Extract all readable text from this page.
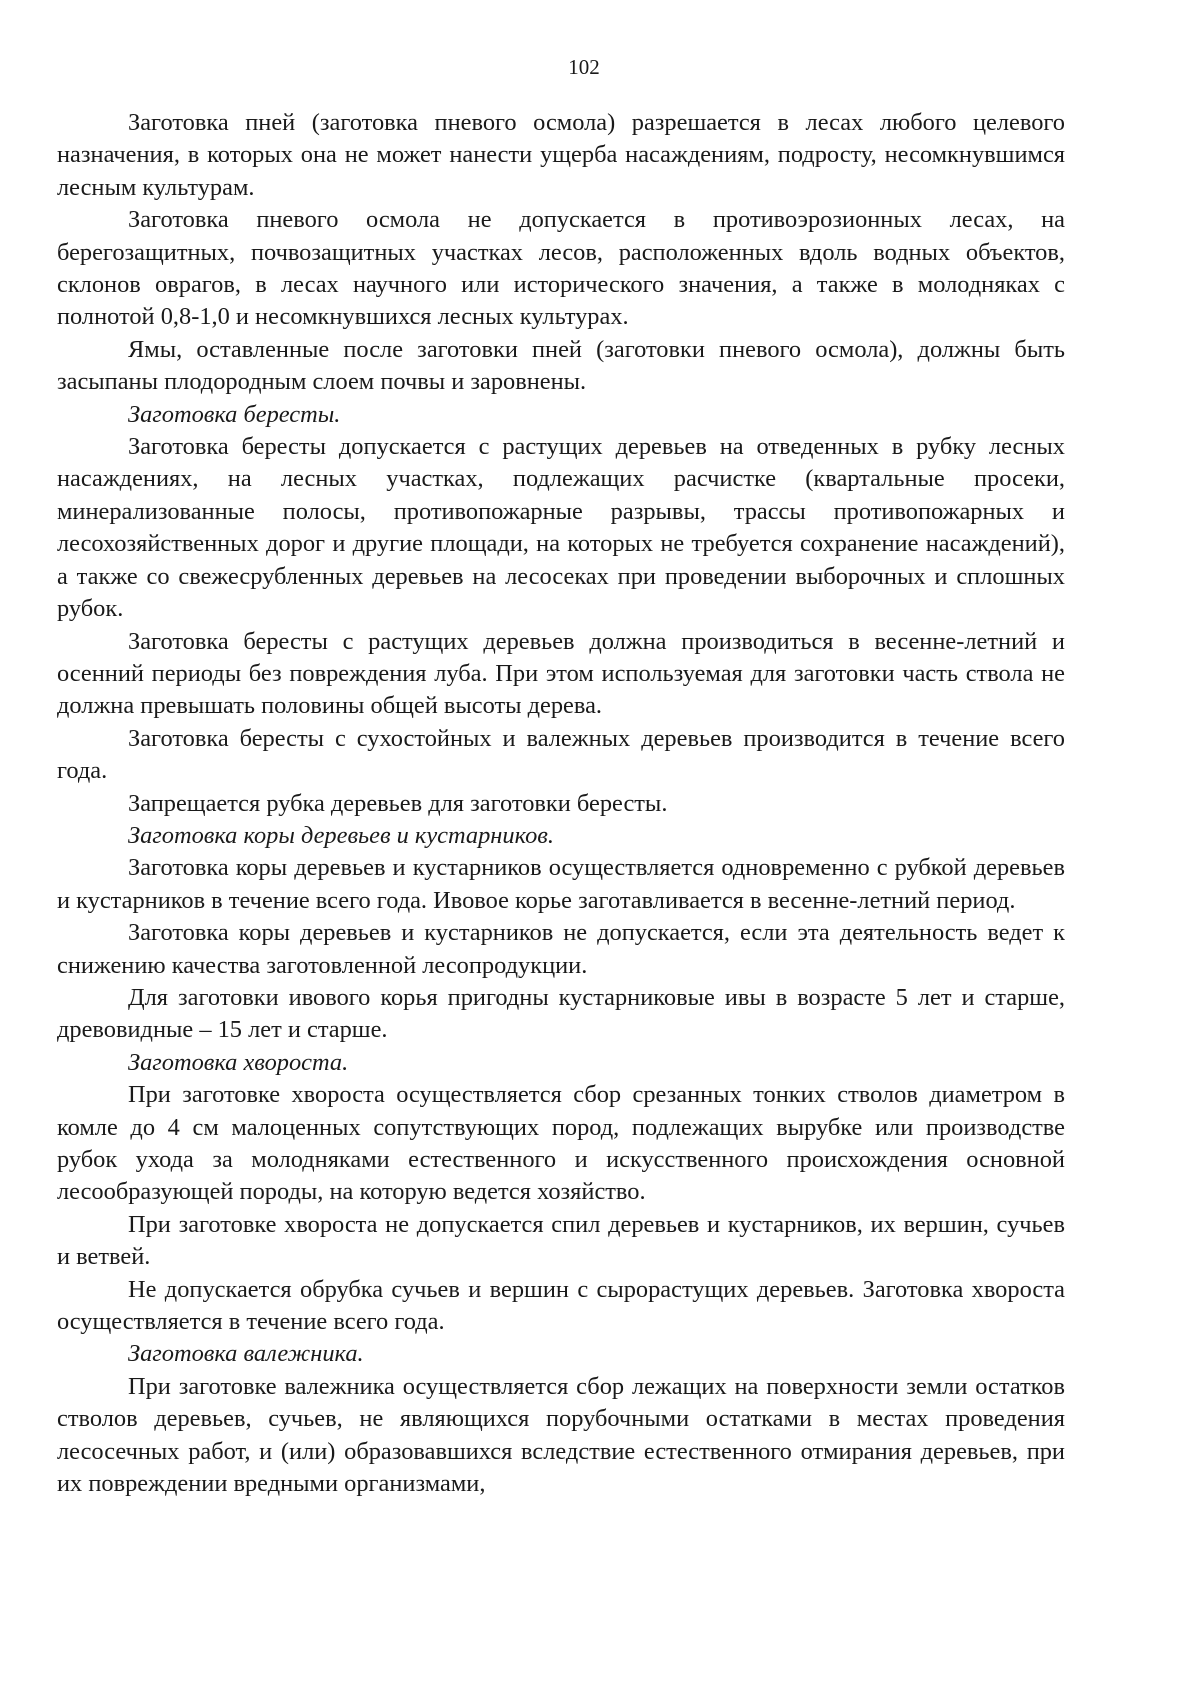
102

Заготовка пней (заготовка пневого осмола) разрешается в лесах любого целевого назначения, в которых она не может нанести ущерба насаждениям, подросту, несомкнувшимся лесным культурам.

Заготовка пневого осмола не допускается в противоэрозионных лесах, на берегозащитных, почвозащитных участках лесов, расположенных вдоль водных объектов, склонов оврагов, в лесах научного или исторического значения, а также в молодняках с полнотой 0,8-1,0 и несомкнувшихся лесных культурах.

Ямы, оставленные после заготовки пней (заготовки пневого осмола), должны быть засыпаны плодородным слоем почвы и заровнены.

Заготовка бересты.

Заготовка бересты допускается с растущих деревьев на отведенных в рубку лесных насаждениях, на лесных участках, подлежащих расчистке (квартальные просеки, минерализованные полосы, противопожарные разрывы, трассы противопожарных и лесохозяйственных дорог и другие площади, на которых не требуется сохранение насаждений), а также со свежесрубленных деревьев на лесосеках при проведении выборочных и сплошных рубок.

Заготовка бересты с растущих деревьев должна производиться в весенне-летний и осенний периоды без повреждения луба. При этом используемая для заготовки часть ствола не должна превышать половины общей высоты дерева.

Заготовка бересты с сухостойных и валежных деревьев производится в течение всего года.

Запрещается рубка деревьев для заготовки бересты.

Заготовка коры деревьев и кустарников.

Заготовка коры деревьев и кустарников осуществляется одновременно с рубкой деревьев и кустарников в течение всего года. Ивовое корье заготавливается в весенне-летний период.

Заготовка коры деревьев и кустарников не допускается, если эта деятельность ведет к снижению качества заготовленной лесопродукции.

Для заготовки ивового корья пригодны кустарниковые ивы в возрасте 5 лет и старше, древовидные – 15 лет и старше.

Заготовка хвороста.

При заготовке хвороста осуществляется сбор срезанных тонких стволов диаметром в комле до 4 см малоценных сопутствующих пород, подлежащих вырубке или производстве рубок ухода за молодняками естественного и искусственного происхождения основной лесообразующей породы, на которую ведется хозяйство.

При заготовке хвороста не допускается спил деревьев и кустарников, их вершин, сучьев и ветвей.

Не допускается обрубка сучьев и вершин с сырорастущих деревьев. Заготовка хвороста осуществляется в течение всего года.

Заготовка валежника.

При заготовке валежника осуществляется сбор лежащих на поверхности земли остатков стволов деревьев, сучьев, не являющихся порубочными остатками в местах проведения лесосечных работ, и (или) образовавшихся вследствие естественного отмирания деревьев, при их повреждении вредными организмами,
